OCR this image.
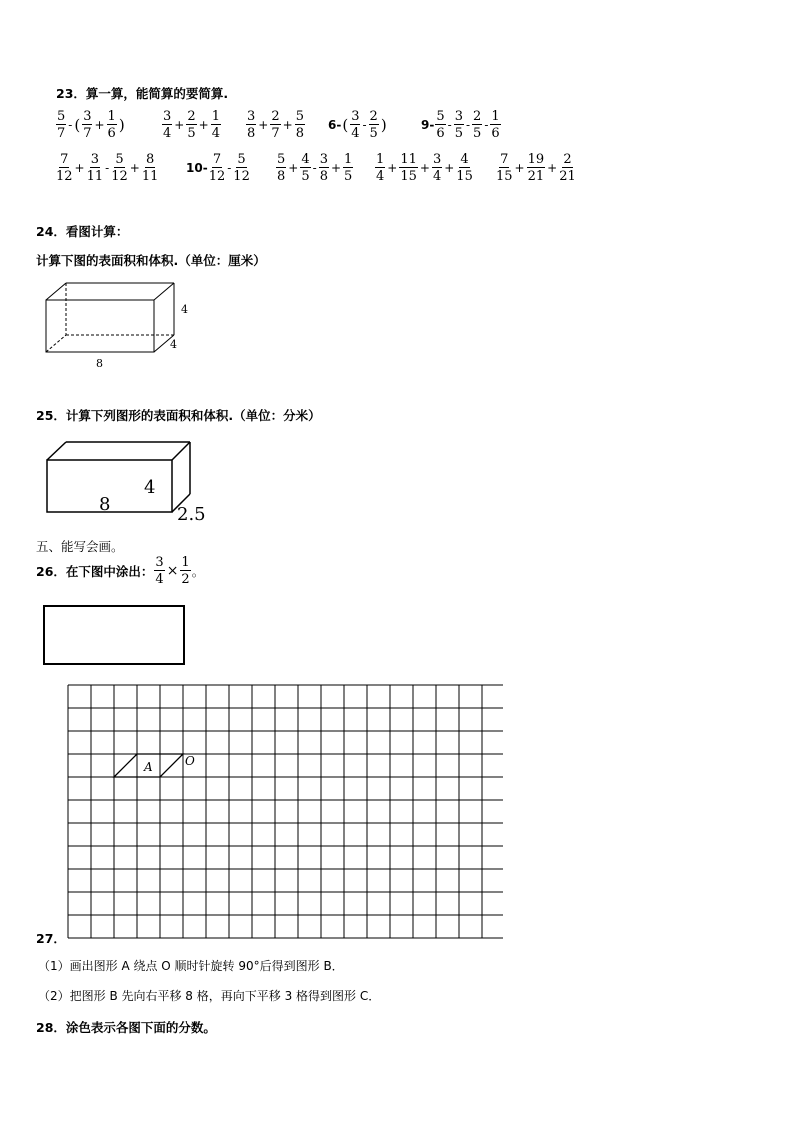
23．算一算，能简算的要简算.
$\frac{5}{7}$ - ( $\frac{3}{7} + \frac{1}{6}$ )	$\frac{3}{4} + \frac{2}{5} + \frac{1}{4} \frac{3}{8} + \frac{2}{7} + \frac{5}{8} 6-$ ( $\frac{3}{4} - \frac{2}{5}$ )	$9- \frac{5}{6} - \frac{3}{5} - \frac{2}{5} - \frac{1}{6}$
$\frac{7}{12} + \frac{3}{11} - \frac{5}{12} + \frac{8}{11} 10- \frac{7}{12} - \frac{5}{12} \frac{5}{8} + \frac{4}{5} - \frac{3}{8} + \frac{1}{5} \frac{1}{4} + \frac{11}{15} + \frac{3}{4} + \frac{4}{15} \frac{7}{15} + \frac{19}{21} + \frac{2}{21}$
24．看图计算：
计算下图的表面积和体积.（单位：厘米）
8
4
4
25．计算下列图形的表面积和体积.（单位：分米）
8
4
2.5
五、能写会画。
26．在下图中涂出： $\frac{3}{4} \times \frac{1}{2}$ 。
27．
A	O
（1）画出图形 A 绕点 O 顺时针旋转 90°后得到图形 B．
（2）把图形 B 先向右平移 8 格，再向下平移 3 格得到图形 C．
28．涂色表示各图下面的分数。
